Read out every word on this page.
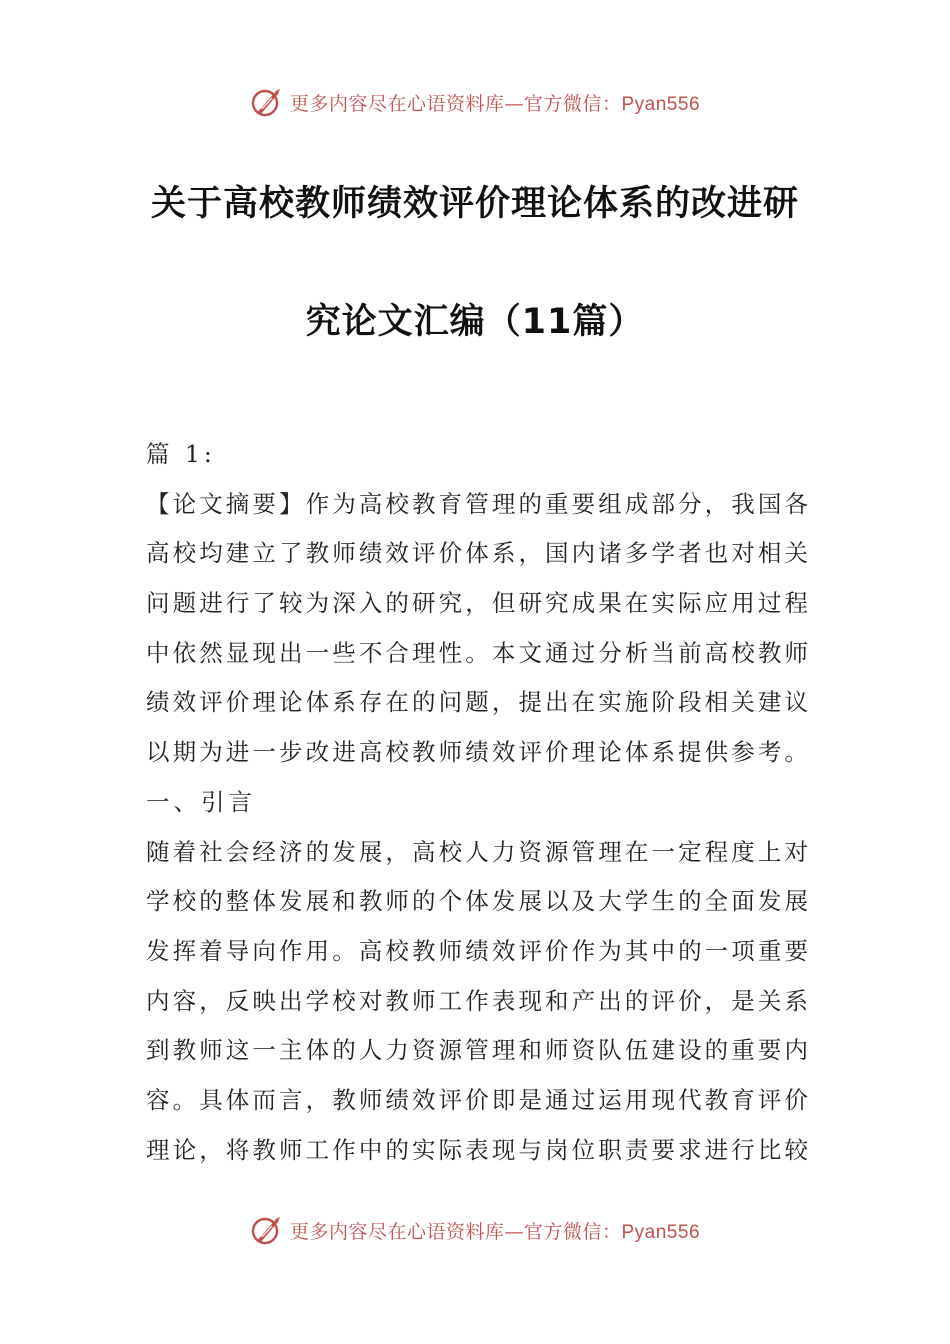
更多内容尽在心语资料库—官方微信：Pyan556
关于高校教师绩效评价理论体系的改进研
究论文汇编（11篇）
篇 1:
【论文摘要】作为高校教育管理的重要组成部分，我国各
高校均建立了教师绩效评价体系，国内诸多学者也对相关
问题进行了较为深入的研究，但研究成果在实际应用过程
中依然显现出一些不合理性。本文通过分析当前高校教师
绩效评价理论体系存在的问题，提出在实施阶段相关建议
以期为进一步改进高校教师绩效评价理论体系提供参考。
一、引言
随着社会经济的发展，高校人力资源管理在一定程度上对
学校的整体发展和教师的个体发展以及大学生的全面发展
发挥着导向作用。高校教师绩效评价作为其中的一项重要
内容，反映出学校对教师工作表现和产出的评价，是关系
到教师这一主体的人力资源管理和师资队伍建设的重要内
容。具体而言，教师绩效评价即是通过运用现代教育评价
理论，将教师工作中的实际表现与岗位职责要求进行比较
更多内容尽在心语资料库—官方微信：Pyan556
